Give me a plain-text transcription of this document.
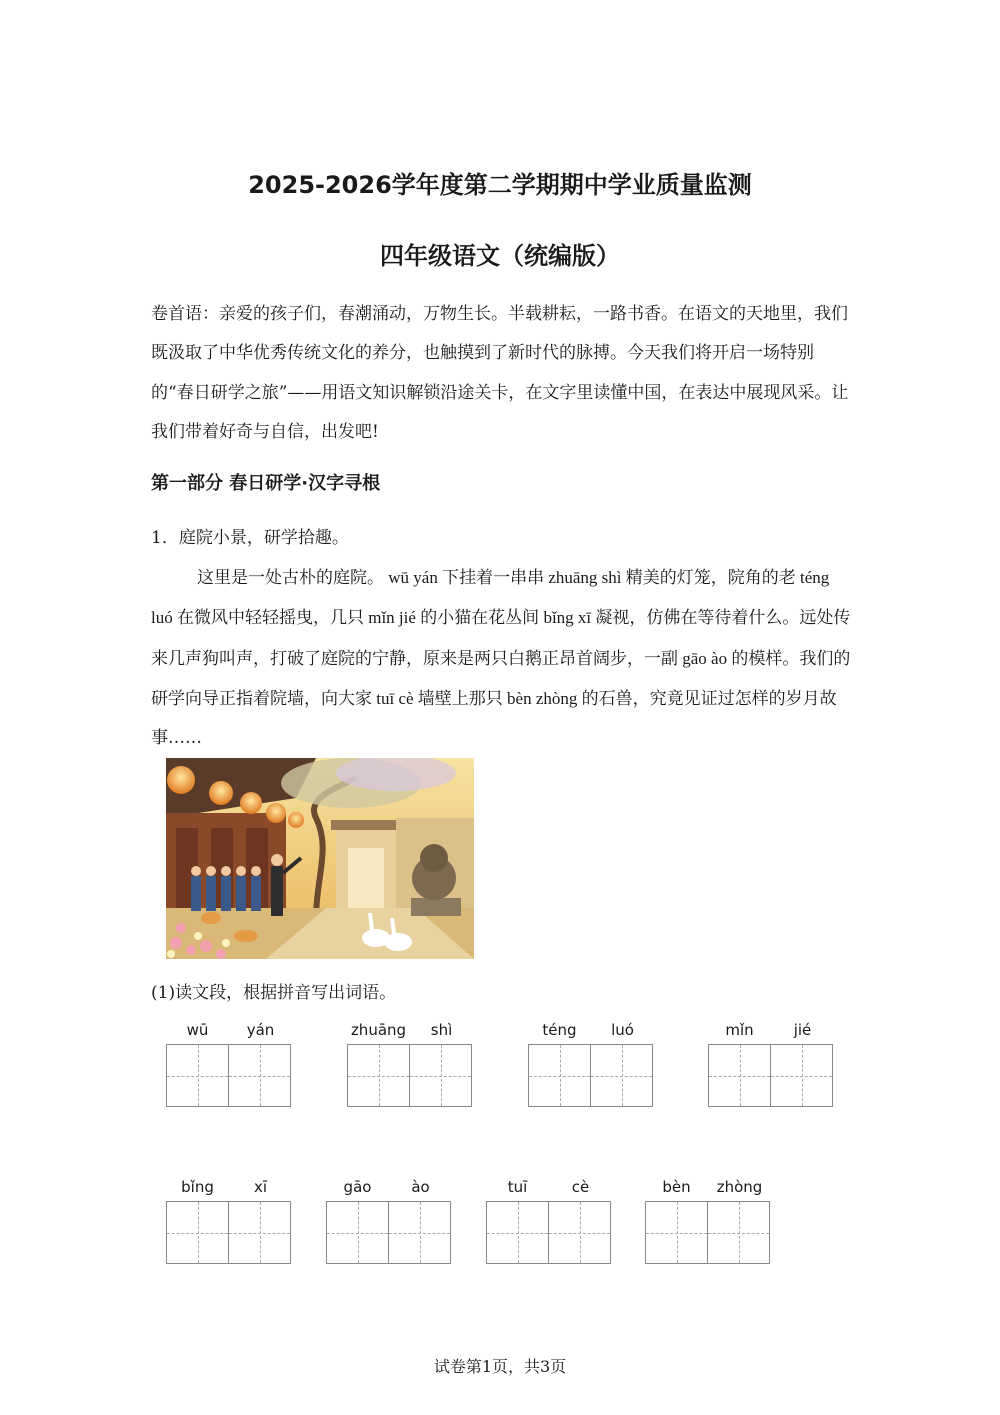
2025-2026学年度第二学期期中学业质量监测
四年级语文（统编版）

卷首语：亲爱的孩子们，春潮涌动，万物生长。半载耕耘，一路书香。在语文的天地里，我们既汲取了中华优秀传统文化的养分，也触摸到了新时代的脉搏。今天我们将开启一场特别的“春日研学之旅”——用语文知识解锁沿途关卡，在文字里读懂中国，在表达中展现风采。让我们带着好奇与自信，出发吧!

第一部分 春日研学·汉字寻根

1．庭院小景，研学拾趣。

这里是一处古朴的庭院。 wū yán 下挂着一串串 zhuāng shì 精美的灯笼，院角的老 téng luó 在微风中轻轻摇曳，几只 mǐn jié 的小猫在花丛间 bǐng xī 凝视，仿佛在等待着什么。远处传来几声狗叫声，打破了庭院的宁静，原来是两只白鹅正昂首阔步，一副 gāo ào 的模样。我们的研学向导正指着院墙，向大家 tuī cè 墙壁上那只 bèn zhòng 的石兽，究竟见证过怎样的岁月故事……

(1)读文段，根据拼音写出词语。

wū	yán	zhuāng	shì	téng	luó	mǐn	jié
bǐng	xī	gāo	ào	tuī	cè	bèn	zhòng

试卷第1页，共3页
